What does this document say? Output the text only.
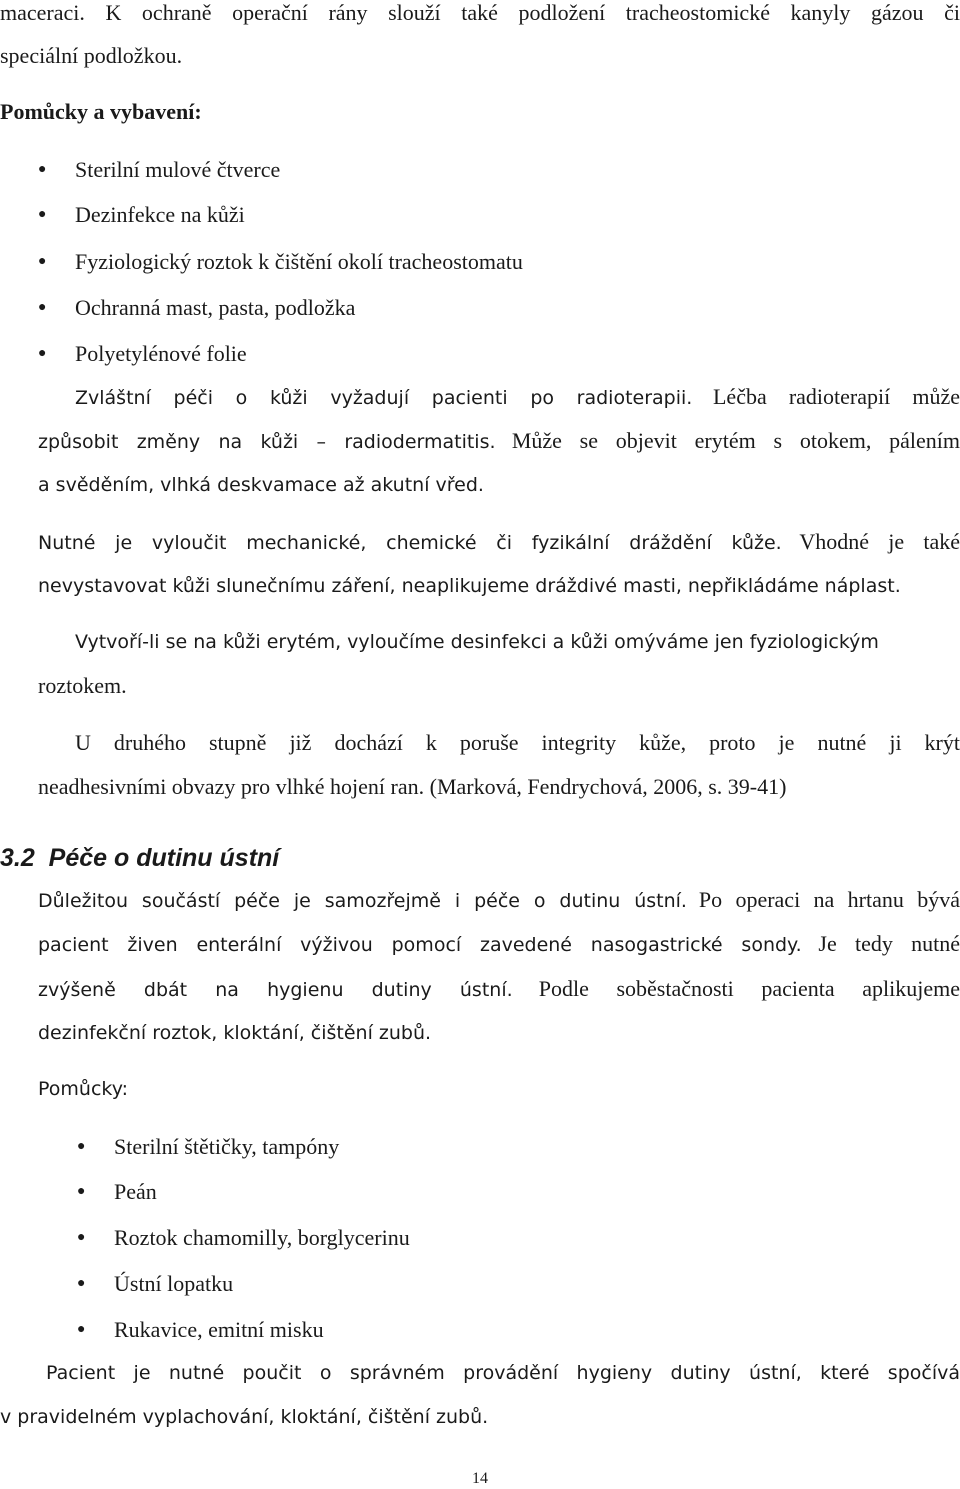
maceraci. K ochraně operační rány slouží také podložení tracheostomické kanyly gázou či
speciální podložkou.
Pomůcky a vybavení:
● Sterilní mulové čtverce
● Dezinfekce na kůži
● Fyziologický roztok k čištění okolí tracheostomatu
● Ochranná mast, pasta, podložka
● Polyetylénové folie
Zvláštní péči o kůži vyžadují pacienti po radioterapii. Léčba radioterapií může
způsobit změny na kůži – radiodermatitis. Může se objevit erytém s otokem, pálením
a svěděním, vlhká deskvamace až akutní vřed.
Nutné je vyloučit mechanické, chemické či fyzikální dráždění kůže. Vhodné je také
nevystavovat kůži slunečnímu záření, neaplikujeme dráždivé masti, nepřikládáme náplast.
Vytvoří-li se na kůži erytém, vyloučíme desinfekci a kůži omýváme jen fyziologickým
roztokem.
U druhého stupně již dochází k poruše integrity kůže, proto je nutné ji krýt
neadhesivními obvazy pro vlhké hojení ran. (Marková, Fendrychová, 2006, s. 39-41)
3.2 Péče o dutinu ústní
Důležitou součástí péče je samozřejmě i péče o dutinu ústní. Po operaci na hrtanu bývá
pacient živen enterální výživou pomocí zavedené nasogastrické sondy. Je tedy nutné
zvýšeně dbát na hygienu dutiny ústní. Podle soběstačnosti pacienta aplikujeme
dezinfekční roztok, kloktání, čištění zubů.
Pomůcky:
● Sterilní štětičky, tampóny
● Peán
● Roztok chamomilly, borglycerinu
● Ústní lopatku
● Rukavice, emitní misku
Pacient je nutné poučit o správném provádění hygieny dutiny ústní, které spočívá
v pravidelném vyplachování, kloktání, čištění zubů.
14
